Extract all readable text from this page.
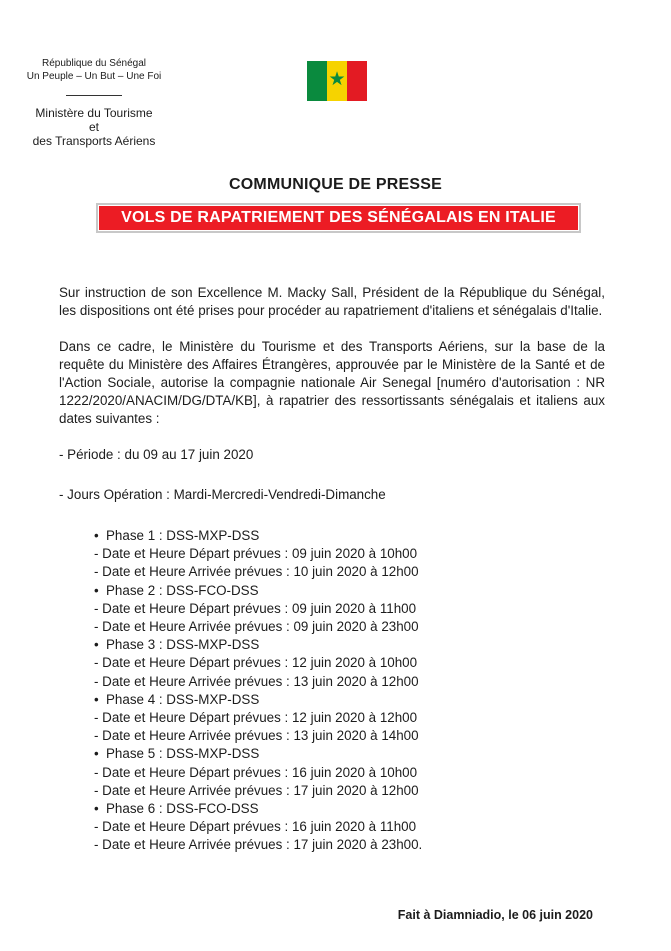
République du Sénégal
Un Peuple – Un But – Une Foi
Ministère du Tourisme
et
des Transports Aériens
★
COMMUNIQUE DE PRESSE
VOLS DE RAPATRIEMENT DES SÉNÉGALAIS EN ITALIE

Sur instruction de son Excellence M. Macky Sall, Président de la République du Sénégal, les dispositions ont été prises pour procéder au rapatriement d'italiens et sénégalais d'Italie.

Dans ce cadre, le Ministère du Tourisme et des Transports Aériens, sur la base de la requête du Ministère des Affaires Étrangères, approuvée par le Ministère de la Santé et de l'Action Sociale, autorise la compagnie nationale Air Senegal [numéro d'autorisation : NR 1222/2020/ANACIM/DG/DTA/KB], à rapatrier des ressortissants sénégalais et italiens aux dates suivantes :

- Période : du 09 au 17 juin 2020
- Jours Opération : Mardi-Mercredi-Vendredi-Dimanche
• Phase 1 : DSS-MXP-DSS
- Date et Heure Départ prévues : 09 juin 2020 à 10h00
- Date et Heure Arrivée prévues : 10 juin 2020 à 12h00
• Phase 2 : DSS-FCO-DSS
- Date et Heure Départ prévues : 09 juin 2020 à 11h00
- Date et Heure Arrivée prévues : 09 juin 2020 à 23h00
• Phase 3 : DSS-MXP-DSS
- Date et Heure Départ prévues : 12 juin 2020 à 10h00
- Date et Heure Arrivée prévues : 13 juin 2020 à 12h00
• Phase 4 : DSS-MXP-DSS
- Date et Heure Départ prévues : 12 juin 2020 à 12h00
- Date et Heure Arrivée prévues : 13 juin 2020 à 14h00
• Phase 5 : DSS-MXP-DSS
- Date et Heure Départ prévues : 16 juin 2020 à 10h00
- Date et Heure Arrivée prévues : 17 juin 2020 à 12h00
• Phase 6 : DSS-FCO-DSS
- Date et Heure Départ prévues : 16 juin 2020 à 11h00
- Date et Heure Arrivée prévues : 17 juin 2020 à 23h00.
Fait à Diamniadio, le 06 juin 2020
